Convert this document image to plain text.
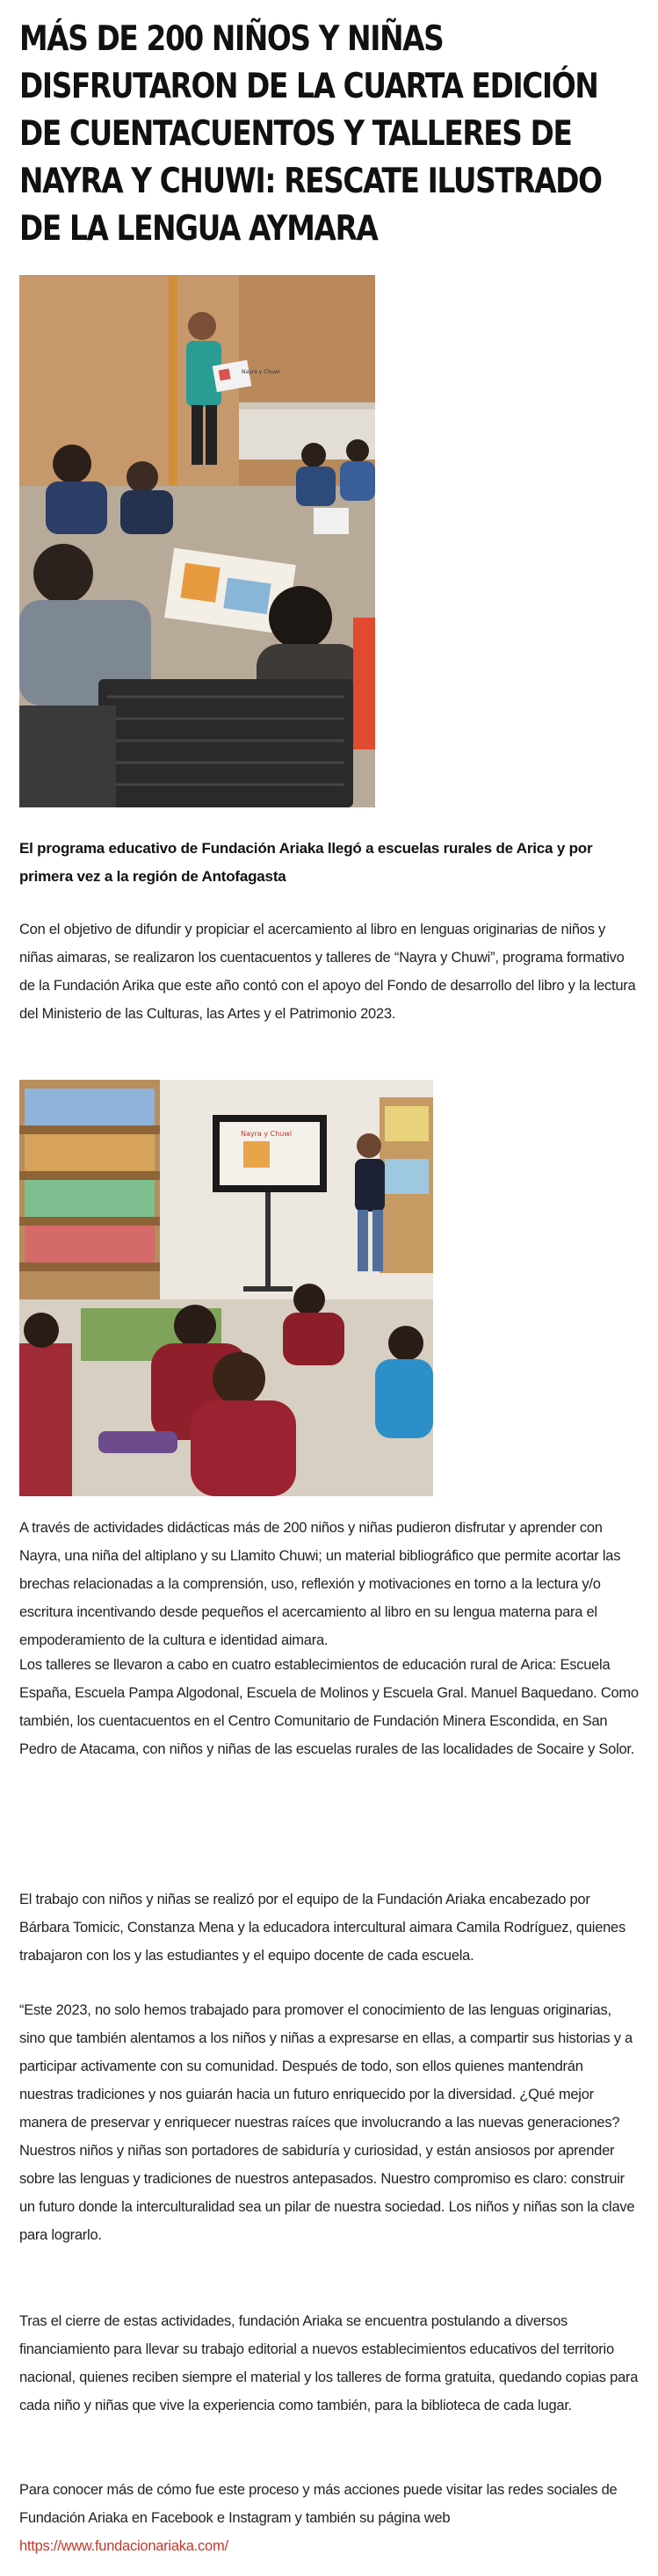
MÁS DE 200 NIÑOS Y NIÑAS DISFRUTARON DE LA CUARTA EDICIÓN DE CUENTACUENTOS Y TALLERES DE NAYRA Y CHUWI: RESCATE ILUSTRADO DE LA LENGUA AYMARA
Nayra y Chuwi

El programa educativo de Fundación Ariaka llegó a escuelas rurales de Arica y por primera vez a la región de Antofagasta

Con el objetivo de difundir y propiciar el acercamiento al libro en lenguas originarias de niños y niñas aimaras, se realizaron los cuentacuentos y talleres de “Nayra y Chuwi”, programa formativo de la Fundación Arika que este año contó con el apoyo del Fondo de desarrollo del libro y la lectura del Ministerio de las Culturas, las Artes y el Patrimonio 2023.

Nayra y Chuwi

A través de actividades didácticas más de 200 niños y niñas pudieron disfrutar y aprender con Nayra, una niña del altiplano y su Llamito Chuwi; un material bibliográfico que permite acortar las brechas relacionadas a la comprensión, uso, reflexión y motivaciones en torno a la lectura y/o escritura incentivando desde pequeños el acercamiento al libro en su lengua materna para el empoderamiento de la cultura e identidad aimara.

Los talleres se llevaron a cabo en cuatro establecimientos de educación rural de Arica: Escuela España, Escuela Pampa Algodonal, Escuela de Molinos y Escuela Gral. Manuel Baquedano. Como también, los cuentacuentos en el Centro Comunitario de Fundación Minera Escondida, en San Pedro de Atacama, con niños y niñas de las escuelas rurales de las localidades de Socaire y Solor.

El trabajo con niños y niñas se realizó por el equipo de la Fundación Ariaka encabezado por Bárbara Tomicic, Constanza Mena y la educadora intercultural aimara Camila Rodríguez, quienes trabajaron con los y las estudiantes y el equipo docente de cada escuela.

“Este 2023, no solo hemos trabajado para promover el conocimiento de las lenguas originarias, sino que también alentamos a los niños y niñas a expresarse en ellas, a compartir sus historias y a participar activamente con su comunidad. Después de todo, son ellos quienes mantendrán nuestras tradiciones y nos guiarán hacia un futuro enriquecido por la diversidad. ¿Qué mejor manera de preservar y enriquecer nuestras raíces que involucrando a las nuevas generaciones? Nuestros niños y niñas son portadores de sabiduría y curiosidad, y están ansiosos por aprender sobre las lenguas y tradiciones de nuestros antepasados. Nuestro compromiso es claro: construir un futuro donde la interculturalidad sea un pilar de nuestra sociedad. Los niños y niñas son la clave para lograrlo.

Tras el cierre de estas actividades, fundación Ariaka se encuentra postulando a diversos financiamiento para llevar su trabajo editorial a nuevos establecimientos educativos del territorio nacional, quienes reciben siempre el material y los talleres de forma gratuita, quedando copias para cada niño y niñas que vive la experiencia como también, para la biblioteca de cada lugar.

Para conocer más de cómo fue este proceso y más acciones puede visitar las redes sociales de Fundación Ariaka en Facebook e Instagram y también su página web https://www.fundacionariaka.com/
